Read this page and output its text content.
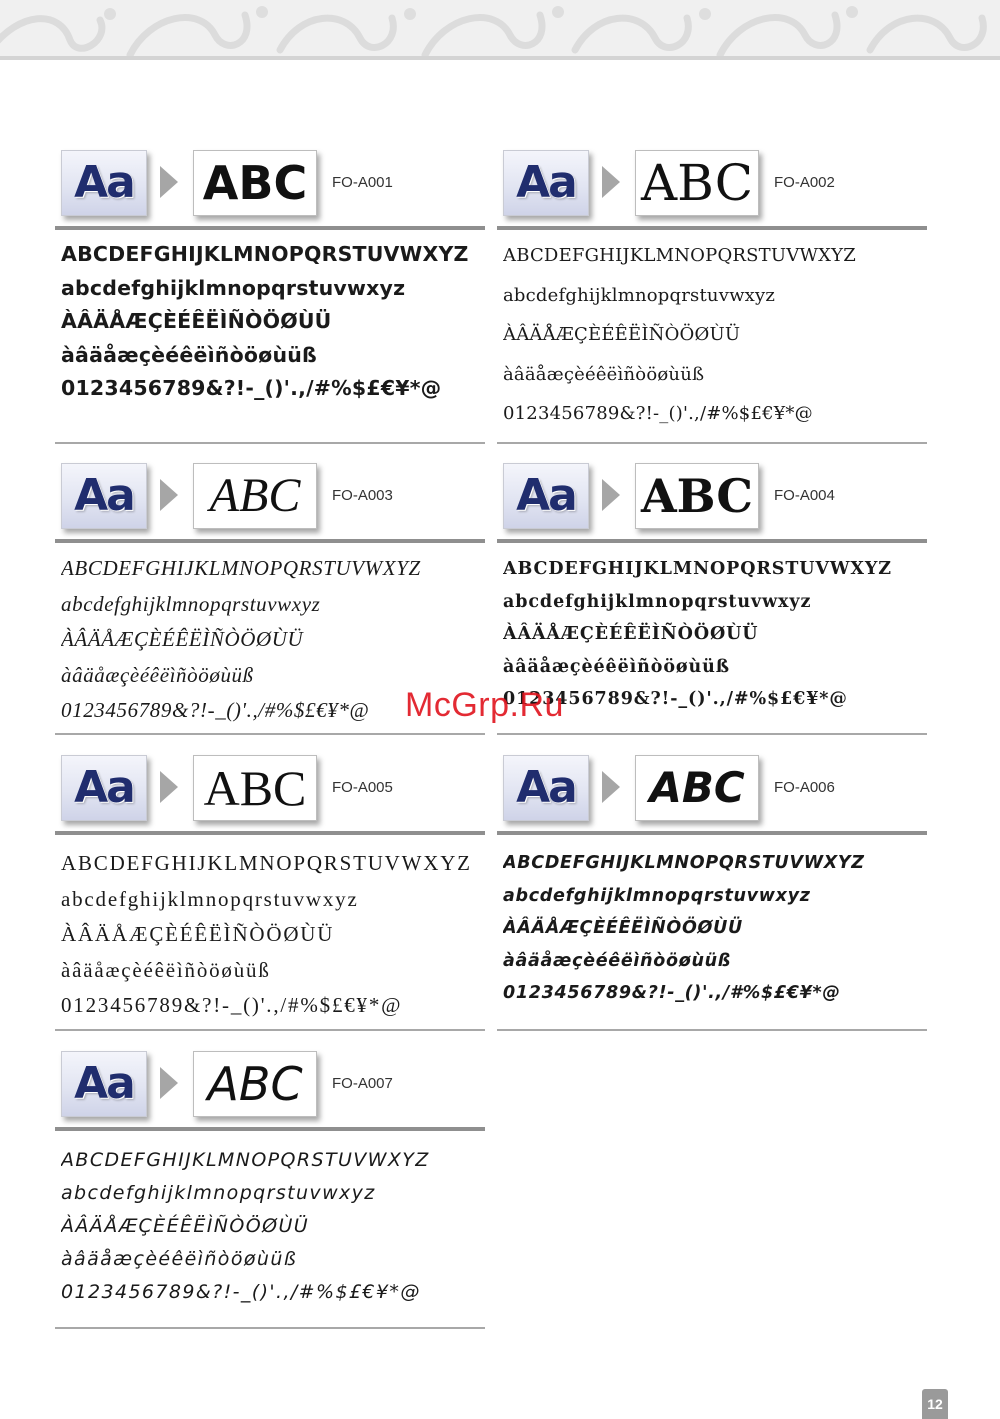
Aa ABC	FO-A001
ABCDEFGHIJKLMNOPQRSTUVWXYZ
abcdefghijklmnopqrstuvwxyz
ÀÂÄÅÆÇÈÉÊËÌÑÒÖØÙÜ
àâäåæçèéêëìñòöøùüß
0123456789&?!-_()'.,/#%$£€¥*@
Aa ABC	FO-A002
ABCDEFGHIJKLMNOPQRSTUVWXYZ
abcdefghijklmnopqrstuvwxyz
ÀÂÄÅÆÇÈÉÊËÌÑÒÖØÙÜ
àâäåæçèéêëìñòöøùüß
0123456789&?!-_()'.,/#%$£€¥*@
Aa	ABC	FO-A003
ABCDEFGHIJKLMNOPQRSTUVWXYZ
abcdefghijklmnopqrstuvwxyz
ÀÂÄÅÆÇÈÉÊËÌÑÒÖØÙÜ
àâäåæçèéêëìñòöøùüß
0123456789&?!-_()'.,/#%$£€¥*@
Aa ABC	FO-A004
ABCDEFGHIJKLMNOPQRSTUVWXYZ
abcdefghijklmnopqrstuvwxyz
ÀÂÄÅÆÇÈÉÊËÌÑÒÖØÙÜ
àâäåæçèéêëìñòöøùüß
0123456789&?!-_()'.,/#%$£€¥*@
Aa ABC	FO-A005
ABCDEFGHIJKLMNOPQRSTUVWXYZ
abcdefghijklmnopqrstuvwxyz
ÀÂÄÅÆÇÈÉÊËÌÑÒÖØÙÜ
àâäåæçèéêëìñòöøùüß
0123456789&?!-_()'.,/#%$£€¥*@
Aa	ABC	FO-A006
ABCDEFGHIJKLMNOPQRSTUVWXYZ
abcdefghijklmnopqrstuvwxyz
ÀÂÄÅÆÇÈÉÊËÌÑÒÖØÙÜ
àâäåæçèéêëìñòöøùüß
0123456789&?!-_()'.,/#%$£€¥*@
Aa	ABC	FO-A007
ABCDEFGHIJKLMNOPQRSTUVWXYZ
abcdefghijklmnopqrstuvwxyz
ÀÂÄÅÆÇÈÉÊËÌÑÒÖØÙÜ
àâäåæçèéêëìñòöøùüß
0123456789&?!-_()'.,/#%$£€¥*@
McGrp.Ru
12
